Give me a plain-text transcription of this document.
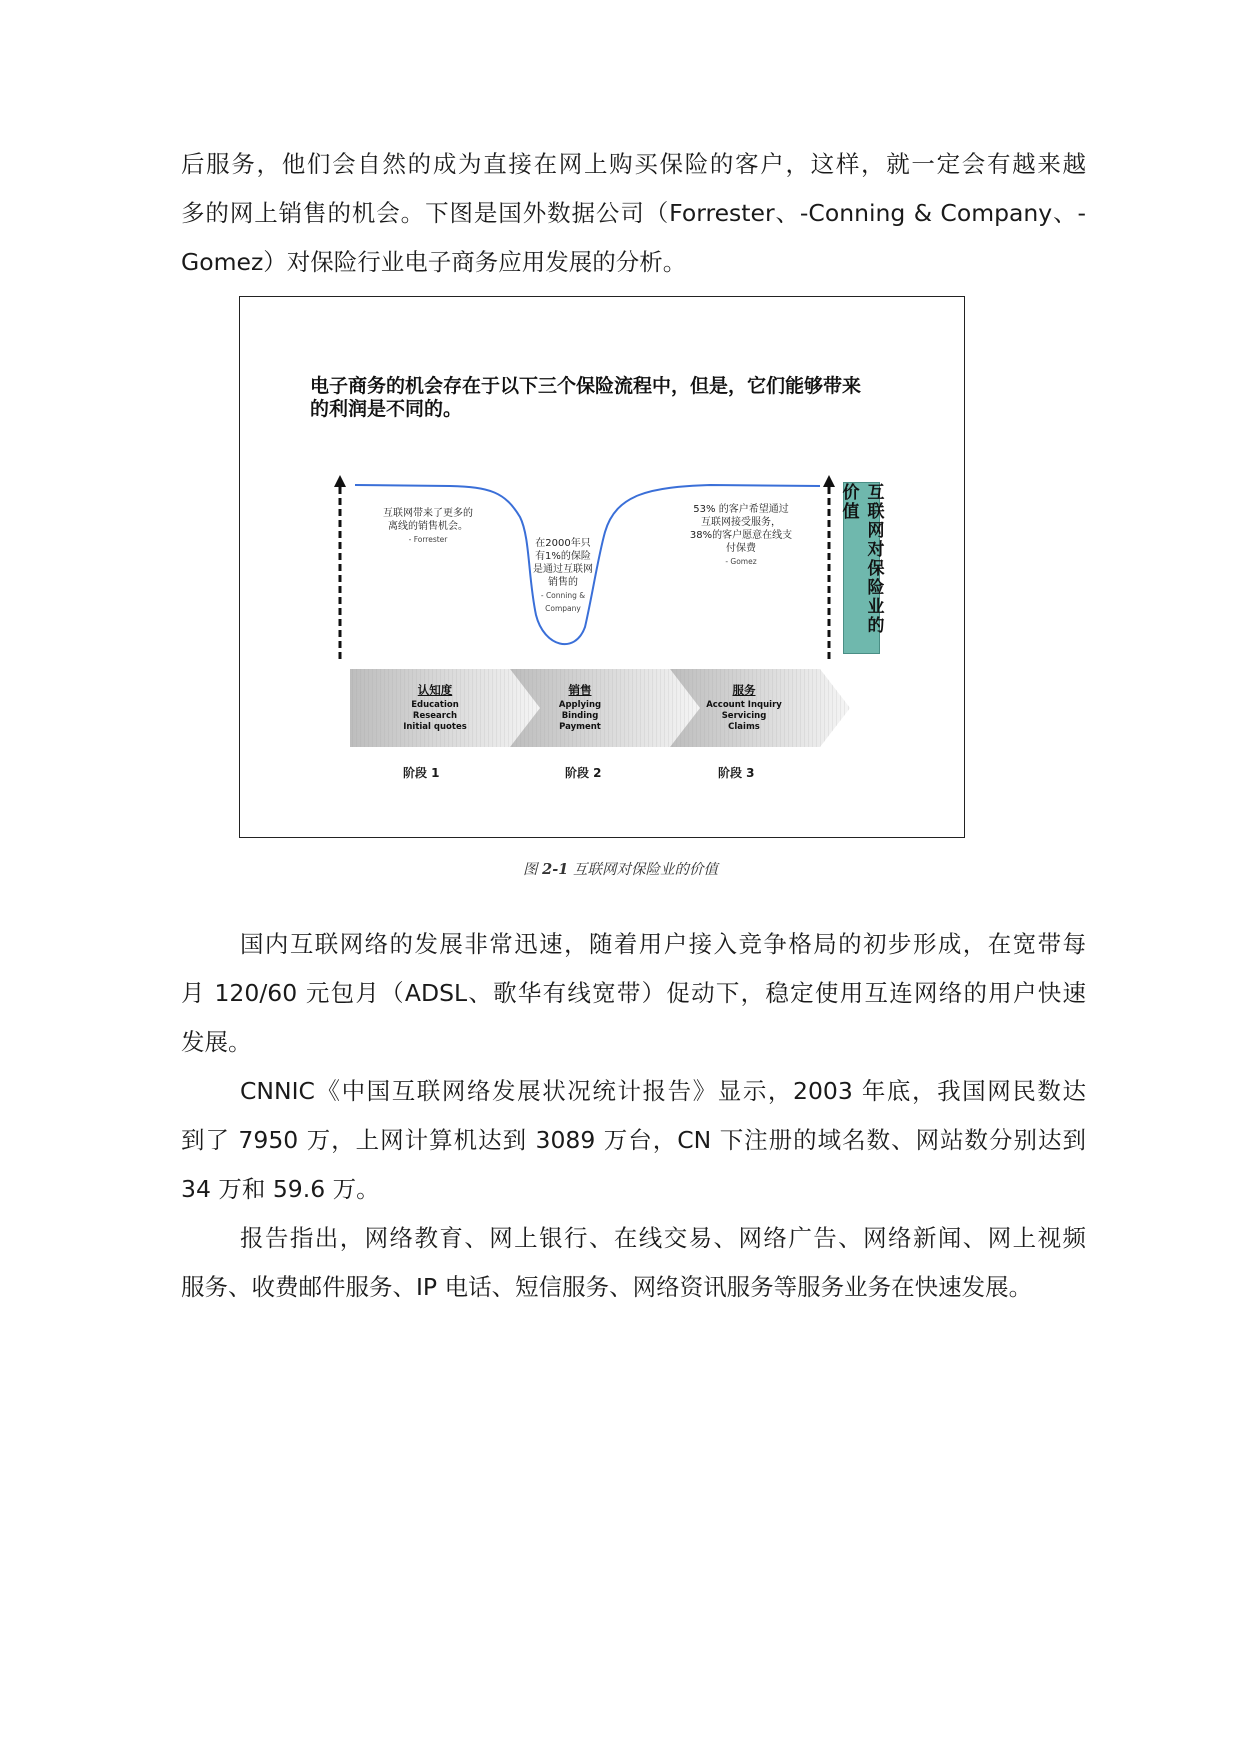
后服务，他们会自然的成为直接在网上购买保险的客户，这样，就一定会有越来越
多的网上销售的机会。下图是国外数据公司（Forrester、-Conning & Company、-

Gomez）对保险行业电子商务应用发展的分析。

电子商务的机会存在于以下三个保险流程中，但是，它们能够带来
的利润是不同的。
互联网带来了更多的
离线的销售机会。
- Forrester	在2000年只
有1%的保险
是通过互联网
销售的
- Conning &
Company
53% 的客户希望通过
互联网接受服务，
38%的客户愿意在线支
付保费
- Gomez	互联网对保险业的价值
认知度
Education
Research
Initial quotes
销售
Applying
Binding
Payment
服务
Account Inquiry
Servicing
Claims
阶段 1	阶段 2	阶段 3
图 2-1 互联网对保险业的价值

国内互联网络的发展非常迅速，随着用户接入竞争格局的初步形成，在宽带每
月 120/60 元包月（ADSL、歌华有线宽带）促动下，稳定使用互连网络的用户快速

发展。

CNNIC《中国互联网络发展状况统计报告》显示，2003 年底，我国网民数达
到了 7950 万，上网计算机达到 3089 万台，CN 下注册的域名数、网站数分别达到

34 万和 59.6 万。

报告指出，网络教育、网上银行、在线交易、网络广告、网络新闻、网上视频

服务、收费邮件服务、IP 电话、短信服务、网络资讯服务等服务业务在快速发展。
